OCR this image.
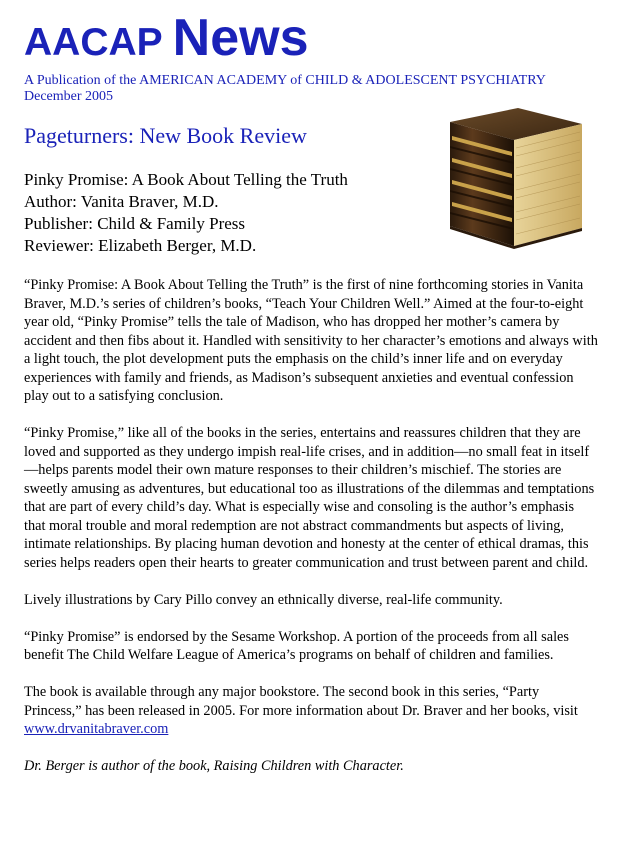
AACAP News
A Publication of the AMERICAN ACADEMY of CHILD & ADOLESCENT PSYCHIATRY
December 2005
Pageturners: New Book Review
Pinky Promise: A Book About Telling the Truth
Author: Vanita Braver, M.D.
Publisher: Child & Family Press
Reviewer: Elizabeth Berger, M.D.

“Pinky Promise: A Book About Telling the Truth” is the first of nine forthcoming stories in Vanita Braver, M.D.’s series of children’s books, “Teach Your Children Well.” Aimed at the four-to-eight year old, “Pinky Promise” tells the tale of Madison, who has dropped her mother’s camera by accident and then fibs about it. Handled with sensitivity to her character’s emotions and always with a light touch, the plot development puts the emphasis on the child’s inner life and on everyday experiences with family and friends, as Madison’s subsequent anxieties and eventual confession play out to a satisfying conclusion.

“Pinky Promise,” like all of the books in the series, entertains and reassures children that they are loved and supported as they undergo impish real-life crises, and in addition—no small feat in itself—helps parents model their own mature responses to their children’s mischief. The stories are sweetly amusing as adventures, but educational too as illustrations of the dilemmas and temptations that are part of every child’s day. What is especially wise and consoling is the author’s emphasis that moral trouble and moral redemption are not abstract commandments but aspects of living, intimate relationships. By placing human devotion and honesty at the center of ethical dramas, this series helps readers open their hearts to greater communication and trust between parent and child.

Lively illustrations by Cary Pillo convey an ethnically diverse, real-life community.

“Pinky Promise” is endorsed by the Sesame Workshop. A portion of the proceeds from all sales benefit The Child Welfare League of America’s programs on behalf of children and families.

The book is available through any major bookstore. The second book in this series, “Party Princess,” has been released in 2005. For more information about Dr. Braver and her books, visit www.drvanitabraver.com

Dr. Berger is author of the book, Raising Children with Character.
